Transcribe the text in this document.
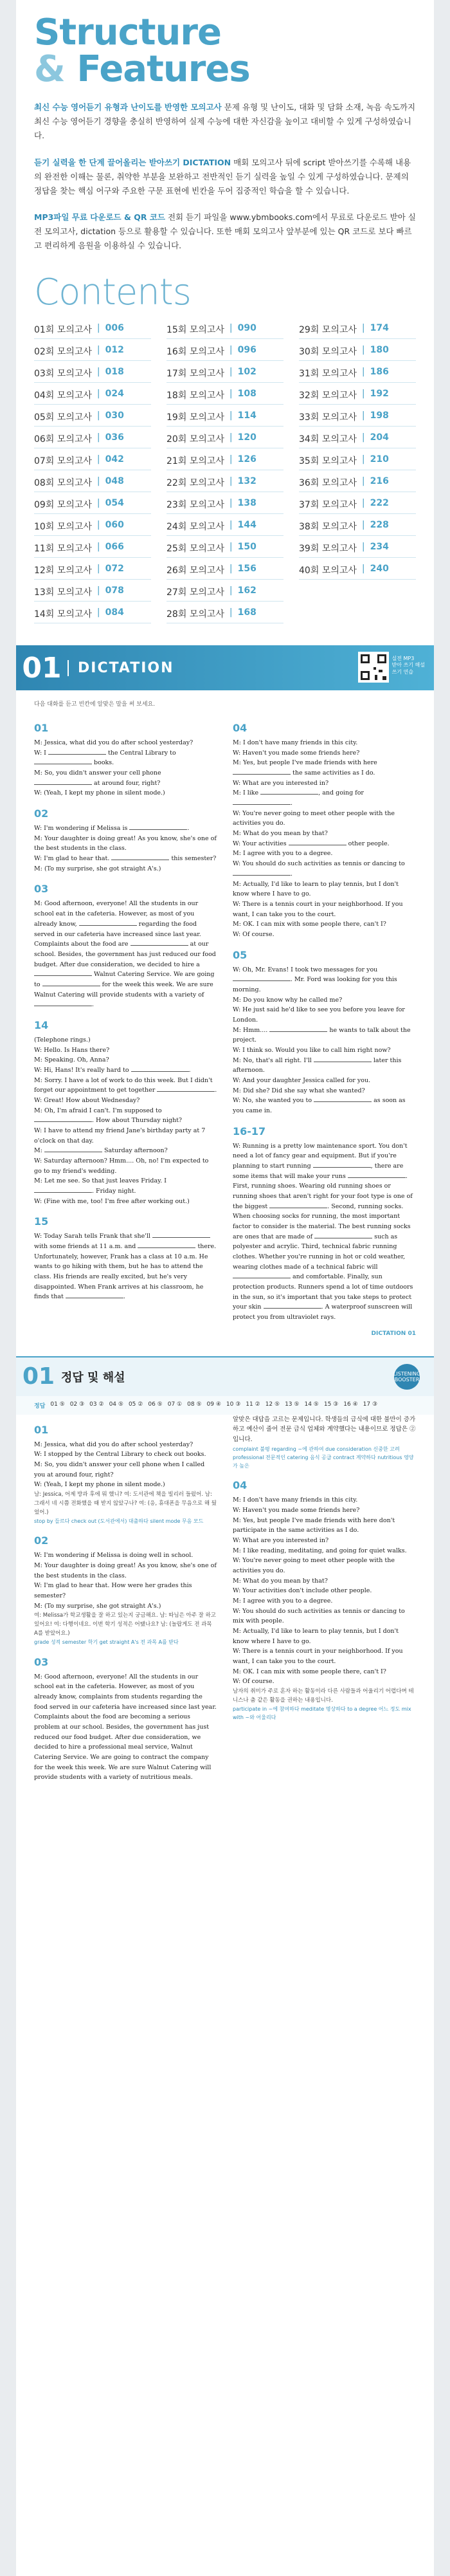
Structure
& Features

최신 수능 영어듣기 유형과 난이도를 반영한 모의고사 문제 유형 및 난이도, 대화 및 담화 소재, 녹음 속도까지 최신 수능 영어듣기 경향을 충실히 반영하여 실제 수능에 대한 자신감을 높이고 대비할 수 있게 구성하였습니다.

듣기 실력을 한 단계 끌어올리는 받아쓰기 DICTATION 매회 모의고사 뒤에 script 받아쓰기를 수록해 내용의 완전한 이해는 물론, 취약한 부분을 보완하고 전반적인 듣기 실력을 높일 수 있게 구성하였습니다. 문제의 정답을 찾는 핵심 어구와 주요한 구문 표현에 빈칸을 두어 집중적인 학습을 할 수 있습니다.

MP3파일 무료 다운로드 & QR 코드 전회 듣기 파일을 www.ybmbooks.com에서 무료로 다운로드 받아 실전 모의고사, dictation 등으로 활용할 수 있습니다. 또한 매회 모의고사 앞부분에 있는 QR 코드로 보다 빠르고 편리하게 음원을 이용하실 수 있습니다.

Contents
01회 모의고사 | 006	15회 모의고사 | 090	29회 모의고사 | 174
02회 모의고사 | 012	16회 모의고사 | 096	30회 모의고사 | 180
03회 모의고사 | 018	17회 모의고사 | 102	31회 모의고사 | 186
04회 모의고사 | 024	18회 모의고사 | 108	32회 모의고사 | 192
05회 모의고사 | 030	19회 모의고사 | 114	33회 모의고사 | 198
06회 모의고사 | 036	20회 모의고사 | 120	34회 모의고사 | 204
07회 모의고사 | 042	21회 모의고사 | 126	35회 모의고사 | 210
08회 모의고사 | 048	22회 모의고사 | 132	36회 모의고사 | 216
09회 모의고사 | 054	23회 모의고사 | 138	37회 모의고사 | 222
10회 모의고사 | 060	24회 모의고사 | 144	38회 모의고사 | 228
11회 모의고사 | 066	25회 모의고사 | 150	39회 모의고사 | 234
12회 모의고사 | 072	26회 모의고사 | 156	40회 모의고사 | 240
13회 모의고사 | 078	27회 모의고사 | 162
14회 모의고사 | 084	28회 모의고사 | 168
01	DICTATION
실전 MP3
받아 쓰기 해설
쓰기 연습
다음 대화를 듣고 빈칸에 알맞은 말을 써 보세요.
01
M: Jessica, what did you do after school yesterday?
W: I	the Central Library to  books.
M: So, you didn't answer your cell phone  at around four, right?
W: (Yeah, I kept my phone in silent mode.)
02
W: I'm wondering if Melissa is	.
M: Your daughter is doing great! As you know, she's one of the best students in the class.
W: I'm glad to hear that.	this semester?
M: (To my surprise, she got straight A's.)
03
M: Good afternoon, everyone! All the students in our school eat in the cafeteria. However, as most of you already know,	regarding the food served in our cafeteria have increased since last year. Complaints about the food are	at our school. Besides, the government has just reduced our food budget. After due consideration, we decided to hire a  Walnut Catering Service. We are going to	for the week this week. We are sure Walnut Catering will provide students with a variety of .
14
(Telephone rings.)
W: Hello. Is Hans there?
M: Speaking. Oh, Anna?
W: Hi, Hans! It's really hard to	.
M: Sorry. I have a lot of work to do this week. But I didn't forget our appointment to get together	.
W: Great! How about Wednesday?
M: Oh, I'm afraid I can't. I'm supposed to . How about Thursday night?
W: I have to attend my friend Jane's birthday party at 7 o'clock on that day.
M:	Saturday afternoon?
W: Saturday afternoon? Hmm.... Oh, no! I'm expected to go to my friend's wedding.
M: Let me see. So that just leaves Friday. I . Friday night.
W: (Fine with me, too! I'm free after working out.)
15
W: Today Sarah tells Frank that she'll  with some friends at 11 a.m. and	there. Unfortunately, however, Frank has a class at 10 a.m. He wants to go hiking with them, but he has to attend the class. His friends are really excited, but he's very disappointed. When Frank arrives at his classroom, he finds that	.
04
M: I don't have many friends in this city.
W: Haven't you made some friends here?
M: Yes, but people I've made friends with here  the same activities as I do.
W: What are you interested in?
M: I like	, and going for .
W: You're never going to meet other people with the activities you do.
M: What do you mean by that?
W: Your activities	other people.
M: I agree with you to a degree.
W: You should do such activities as tennis or dancing to .
M: Actually, I'd like to learn to play tennis, but I don't know where I have to go.
W: There is a tennis court in your neighborhood. If you want, I can take you to the court.
M: OK. I can mix with some people there, can't I?
W: Of course.
05
W: Oh, Mr. Evans! I took two messages for you . Mr. Ford was looking for you this morning.
M: Do you know why he called me?
W: He just said he'd like to see you before you leave for London.
M: Hmm....	he wants to talk about the project.
W: I think so. Would you like to call him right now?
M: No, that's all right. I'll	later this afternoon.
W: And your daughter Jessica called for you.
M: Did she? Did she say what she wanted?
W: No, she wanted you to	as soon as you came in.
16-17
W: Running is a pretty low maintenance sport. You don't need a lot of fancy gear and equipment. But if you're planning to start running	, there are some items that will make your runs	.
First, running shoes. Wearing old running shoes or running shoes that aren't right for your foot type is one of the biggest	. Second, running socks. When choosing socks for running, the most important factor to consider is the material. The best running socks are ones that are made of	such as polyester and acrylic. Third, technical fabric running clothes. Whether you're running in hot or cold weather, wearing clothes made of a technical fabric will  and comfortable. Finally, sun protection products. Runners spend a lot of time outdoors in the sun, so it's important that you take steps to protect your skin	. A waterproof sunscreen will protect you from ultraviolet rays.
DICTATION 01
01 정답 및 해설	LISTENING BOOSTER
정답 01 ⑤ 02 ③ 03 ② 04 ⑤ 05 ② 06 ⑤ 07 ① 08 ⑤ 09 ④ 10 ③ 11 ② 12 ⑤ 13 ⑤ 14 ⑤ 15 ③ 16 ④ 17 ③
01
M: Jessica, what did you do after school yesterday?
W: I stopped by the Central Library to check out books.
M: So, you didn't answer your cell phone when I called you at around four, right?
W: (Yeah, I kept my phone in silent mode.)
남: Jessica, 어제 방과 후에 뭐 했니? 여: 도서관에 책을 빌리러 들렀어. 남: 그래서 네 시쯤 전화했을 때 받지 않았구나? 여: (응, 휴대폰을 무음으로 해 뒀었어.)
stop by 들르다 check out (도서관에서) 대출하다 silent mode 무음 모드
02
W: I'm wondering if Melissa is doing well in school.
M: Your daughter is doing great! As you know, she's one of the best students in the class.
W: I'm glad to hear that. How were her grades this semester?
M: (To my surprise, she got straight A's.)
여: Melissa가 학교생활을 잘 하고 있는지 궁금해요. 남: 따님은 아주 잘 하고 있어요! 여: 다행이네요. 이번 학기 성적은 어땠나요? 남: (놀랍게도 전 과목 A를 받았어요.)
grade 성적 semester 학기 get straight A's 전 과목 A를 받다
03
M: Good afternoon, everyone! All the students in our school eat in the cafeteria. However, as most of you already know, complaints from students regarding the food served in our cafeteria have increased since last year. Complaints about the food are becoming a serious problem at our school. Besides, the government has just reduced our food budget. After due consideration, we decided to hire a professional meal service, Walnut Catering Service. We are going to contract the company for the week this week. We are sure Walnut Catering will provide students with a variety of nutritious meals.
알맞은 대답을 고르는 문제입니다. 학생들의 급식에 대한 불만이 증가하고 예산이 줄어 전문 급식 업체와 계약했다는 내용이므로 정답은 ②입니다.
complaint 불평 regarding ~에 관하여 due consideration 신중한 고려 professional 전문적인 catering 음식 공급 contract 계약하다 nutritious 영양가 높은
04
M: I don't have many friends in this city.
W: Haven't you made some friends here?
M: Yes, but people I've made friends with here don't participate in the same activities as I do.
W: What are you interested in?
M: I like reading, meditating, and going for quiet walks.
W: You're never going to meet other people with the activities you do.
M: What do you mean by that?
W: Your activities don't include other people.
M: I agree with you to a degree.
W: You should do such activities as tennis or dancing to mix with people.
M: Actually, I'd like to learn to play tennis, but I don't know where I have to go.
W: There is a tennis court in your neighborhood. If you want, I can take you to the court.
M: OK. I can mix with some people there, can't I?
W: Of course.
남자의 취미가 주로 혼자 하는 활동이라 다른 사람들과 어울리기 어렵다며 테니스나 춤 같은 활동을 권하는 내용입니다.
participate in ~에 참여하다 meditate 명상하다 to a degree 어느 정도 mix with ~와 어울리다
